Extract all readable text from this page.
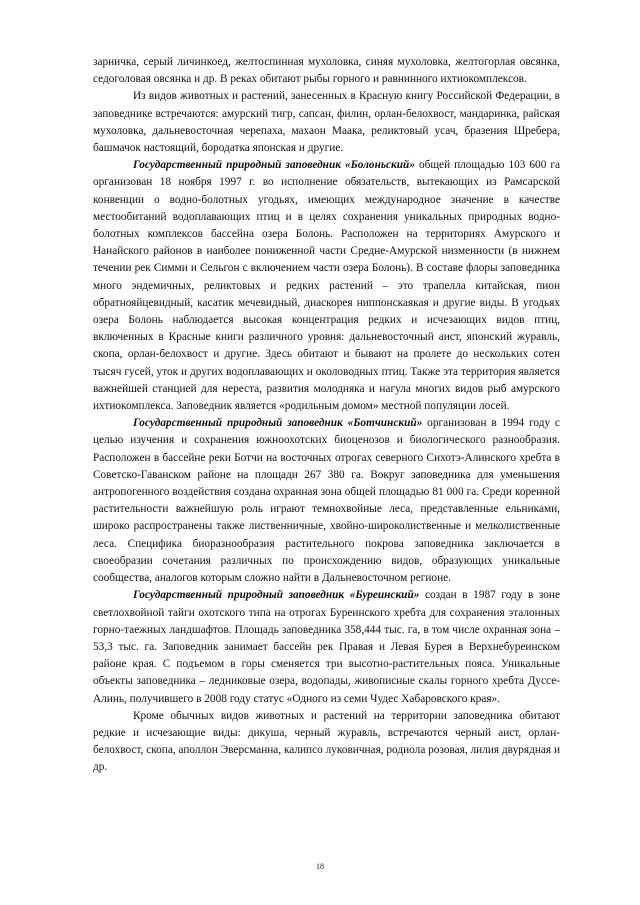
зарничка, серый личинкоед, желтоспинная мухоловка, синяя мухоловка, желтогорлая овсянка, седоголовая овсянка и др. В реках обитают рыбы горного и равнинного ихтиокомплексов.

Из видов животных и растений, занесенных в Красную книгу Российской Федерации, в заповеднике встречаются: амурский тигр, сапсан, филин, орлан-белохвост, мандаринка, райская мухоловка, дальневосточная черепаха, махаон Маака, реликтовый усач, бразения Шребера, башмачок настоящий, бородатка японская и другие.

Государственный природный заповедник «Болоньский» общей площадью 103 600 га организован 18 ноября 1997 г. во исполнение обязательств, вытекающих из Рамсарской конвенции о водно-болотных угодьях, имеющих международное значение в качестве местообитаний водоплавающих птиц и в целях сохранения уникальных природных водно-болотных комплексов бассейна озера Болонь. Расположен на территориях Амурского и Нанайского районов в наиболее пониженной части Средне-Амурской низменности (в нижнем течении рек Симми и Сельгон с включением части озера Болонь). В составе флоры заповедника много эндемичных, реликтовых и редких растений – это трапелла китайская, пион обратнояйцевидный, касатик мечевидный, диаскорея ниппонскаякая и другие виды. В угодьях озера Болонь наблюдается высокая концентрация редких и исчезающих видов птиц, включенных в Красные книги различного уровня: дальневосточный аист, японский журавль, скопа, орлан-белохвост и другие. Здесь обитают и бывают на пролете до нескольких сотен тысяч гусей, уток и других водоплавающих и околоводных птиц. Также эта территория является важнейшей станцией для нереста, развития молодняка и нагула многих видов рыб амурского ихтиокомплекса. Заповедник является «родильным домом» местной популяции лосей.

Государственный природный заповедник «Ботчинский» организован в 1994 году с целью изучения и сохранения южноохотских биоценозов и биологического разнообразия. Расположен в бассейне реки Ботчи на восточных отрогах северного Сихотэ-Алинского хребта в Советско-Гаванском районе на площади 267 380 га. Вокруг заповедника для уменьшения антропогенного воздействия создана охранная зона общей площадью 81 000 га. Среди коренной растительности важнейшую роль играют темнохвойные леса, представленные ельниками, широко распространены также лиственничные, хвойно-широколиственные и мелколиственные леса. Специфика биоразнообразия растительного покрова заповедника заключается в своеобразии сочетания различных по происхождению видов, образующих уникальные сообщества, аналогов которым сложно найти в Дальневосточном регионе.

Государственный природный заповедник «Буреинский» создан в 1987 году в зоне светлохвойной тайги охотского типа на отрогах Буреинского хребта для сохранения эталонных горно-таежных ландшафтов. Площадь заповедника 358,444 тыс. га, в том числе охранная зона – 53,3 тыс. га. Заповедник занимает бассейн рек Правая и Левая Бурея в Верхнебуреинском районе края. С подъемом в горы сменяется три высотно-растительных пояса. Уникальные объекты заповедника – ледниковые озера, водопады, живописные скалы горного хребта Дуссе-Алинь, получившего в 2008 году статус «Одного из семи Чудес Хабаровского края».

Кроме обычных видов животных и растений на территории заповедника обитают редкие и исчезающие виды: дикуша, черный журавль, встречаются черный аист, орлан-белохвост, скопа, аполлон Эверсманна, калипсо луковичная, родиола розовая, лилия двурядная и др.

18
